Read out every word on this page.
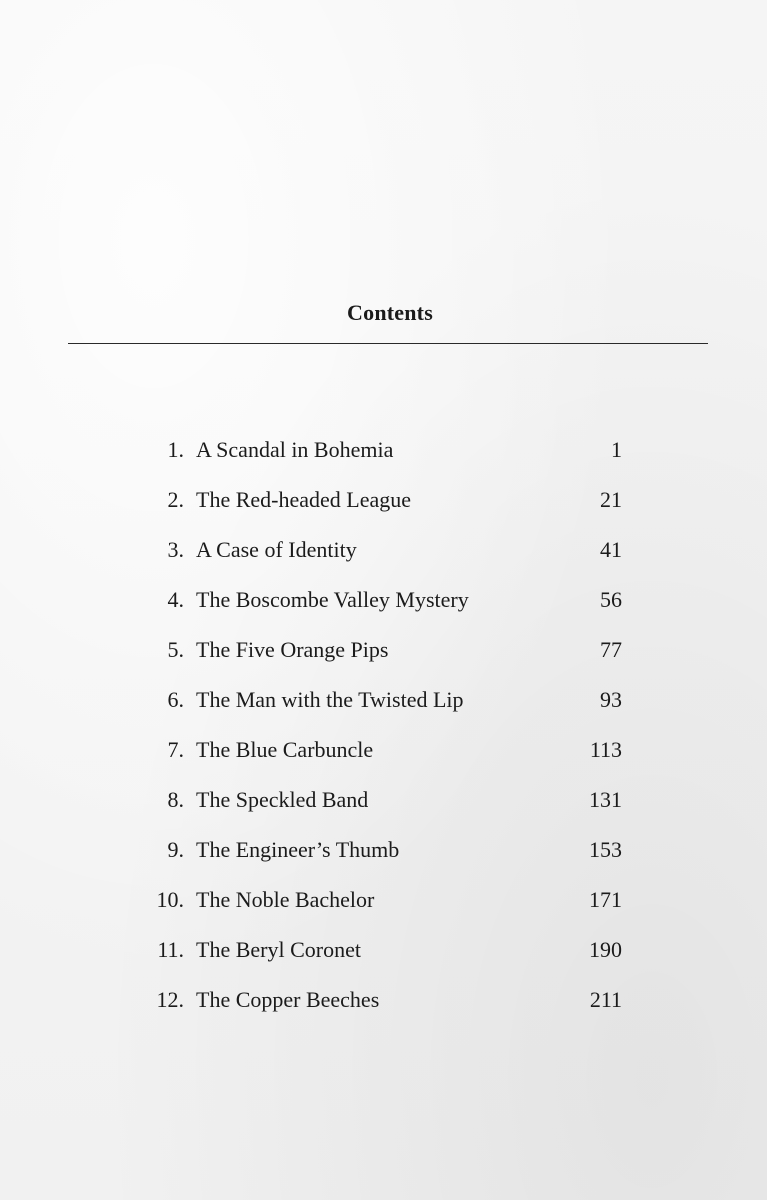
Contents
1. A Scandal in Bohemia	1
2. The Red-headed League	21
3. A Case of Identity	41
4. The Boscombe Valley Mystery	56
5. The Five Orange Pips	77
6. The Man with the Twisted Lip	93
7. The Blue Carbuncle	113
8. The Speckled Band	131
9. The Engineer’s Thumb	153
10. The Noble Bachelor	171
11. The Beryl Coronet	190
12. The Copper Beeches	211
